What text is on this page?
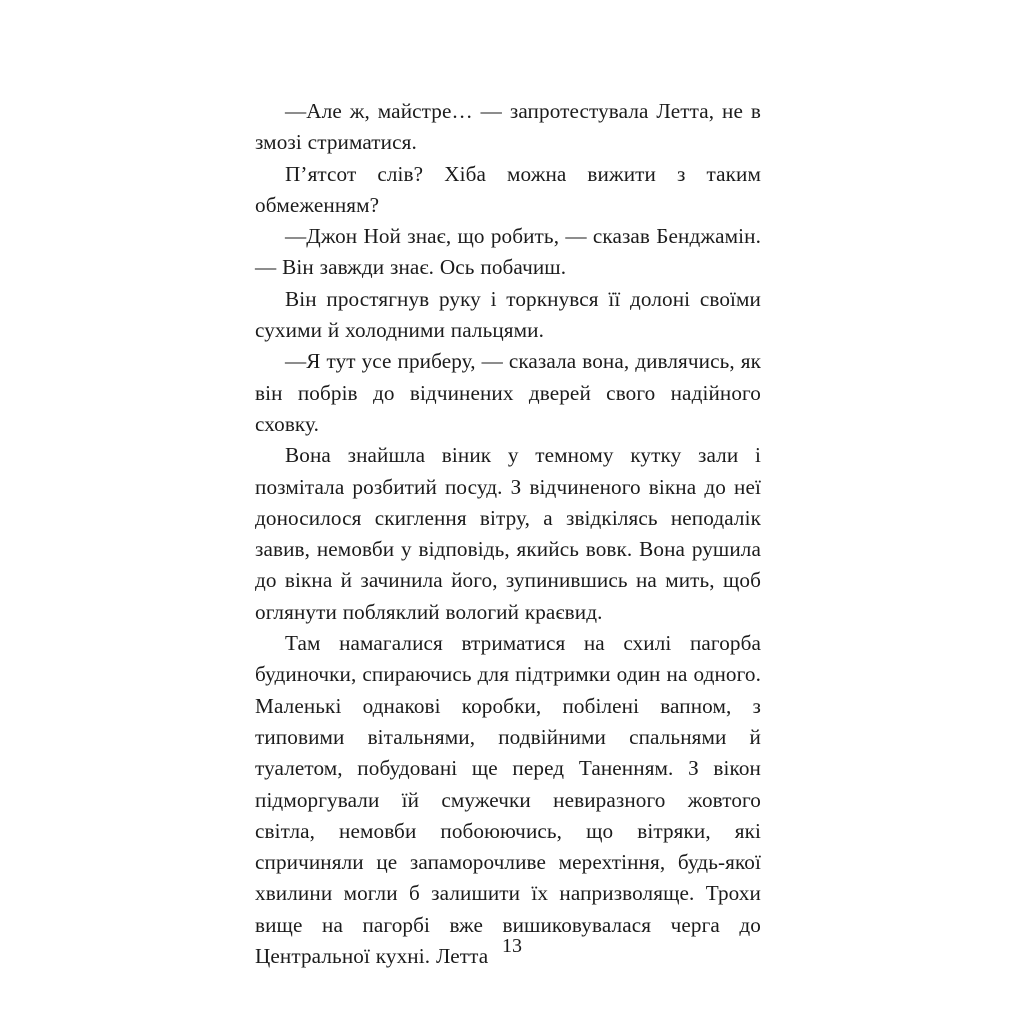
—Але ж, майстре… — запротестувала Летта, не в змозі стриматися.

П’ятсот слів? Хіба можна вижити з таким обмеженням?

—Джон Ной знає, що робить, — сказав Бенджамін. — Він завжди знає. Ось побачиш.

Він простягнув руку і торкнувся її долоні своїми сухими й холодними пальцями.

—Я тут усе приберу, — сказала вона, дивлячись, як він побрів до відчинених дверей свого надійного сховку.

Вона знайшла віник у темному кутку зали і позмітала розбитий посуд. З відчиненого вікна до неї доносилося скиглення вітру, а звідкілясь неподалік завив, немовби у відповідь, якийсь вовк. Вона рушила до вікна й зачинила його, зупинившись на мить, щоб оглянути побляклий вологий краєвид.

Там намагалися втриматися на схилі пагорба будиночки, спираючись для підтримки один на одного. Маленькі однакові коробки, побілені вапном, з типовими вітальнями, подвійними спальнями й туалетом, побудовані ще перед Таненням. З вікон підморгували їй смужечки невиразного жовтого світла, немовби побоюючись, що вітряки, які спричиняли це запаморочливе мерехтіння, будь-якої хвилини могли б залишити їх напризволяще. Трохи вище на пагорбі вже вишиковувалася черга до Центральної кухні. Летта 13
